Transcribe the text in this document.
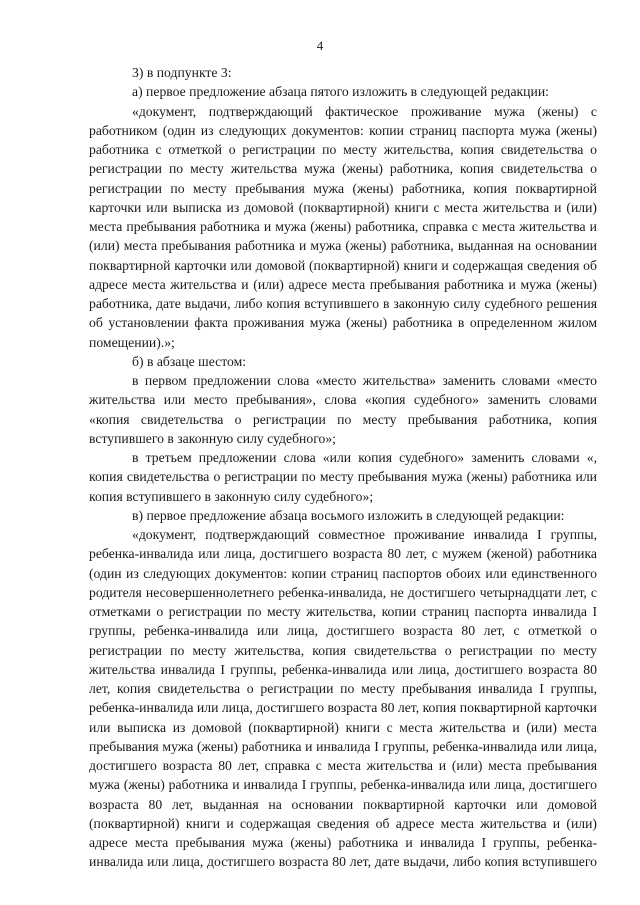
4

3) в подпункте 3:

а) первое предложение абзаца пятого изложить в следующей редакции:

«документ, подтверждающий фактическое проживание мужа (жены) с работником (один из следующих документов: копии страниц паспорта мужа (жены) работника с отметкой о регистрации по месту жительства, копия свидетельства о регистрации по месту жительства мужа (жены) работника, копия свидетельства о регистрации по месту пребывания мужа (жены) работника, копия поквартирной карточки или выписка из домовой (поквартирной) книги с места жительства и (или) места пребывания работника и мужа (жены) работника, справка с места жительства и (или) места пребывания работника и мужа (жены) работника, выданная на основании поквартирной карточки или домовой (поквартирной) книги и содержащая сведения об адресе места жительства и (или) адресе места пребывания работника и мужа (жены) работника, дате выдачи, либо копия вступившего в законную силу судебного решения об установлении факта проживания мужа (жены) работника в определенном жилом помещении).»;

б) в абзаце шестом:

в первом предложении слова «место жительства» заменить словами «место жительства или место пребывания», слова «копия судебного» заменить словами «копия свидетельства о регистрации по месту пребывания работника, копия вступившего в законную силу судебного»;

в третьем предложении слова «или копия судебного» заменить словами «, копия свидетельства о регистрации по месту пребывания мужа (жены) работника или копия вступившего в законную силу судебного»;

в) первое предложение абзаца восьмого изложить в следующей редакции:

«документ, подтверждающий совместное проживание инвалида I группы, ребенка-инвалида или лица, достигшего возраста 80 лет, с мужем (женой) работника (один из следующих документов: копии страниц паспортов обоих или единственного родителя несовершеннолетнего ребенка-инвалида, не достигшего четырнадцати лет, с отметками о регистрации по месту жительства, копии страниц паспорта инвалида I группы, ребенка-инвалида или лица, достигшего возраста 80 лет, с отметкой о регистрации по месту жительства, копия свидетельства о регистрации по месту жительства инвалида I группы, ребенка-инвалида или лица, достигшего возраста 80 лет, копия свидетельства о регистрации по месту пребывания инвалида I группы, ребенка-инвалида или лица, достигшего возраста 80 лет, копия поквартирной карточки или выписка из домовой (поквартирной) книги с места жительства и (или) места пребывания мужа (жены) работника и инвалида I группы, ребенка-инвалида или лица, достигшего возраста 80 лет, справка с места жительства и (или) места пребывания мужа (жены) работника и инвалида I группы, ребенка-инвалида или лица, достигшего возраста 80 лет, выданная на основании поквартирной карточки или домовой (поквартирной) книги и содержащая сведения об адресе места жительства и (или) адресе места пребывания мужа (жены) работника и инвалида I группы, ребенка-инвалида или лица, достигшего возраста 80 лет, дате выдачи, либо копия вступившего
